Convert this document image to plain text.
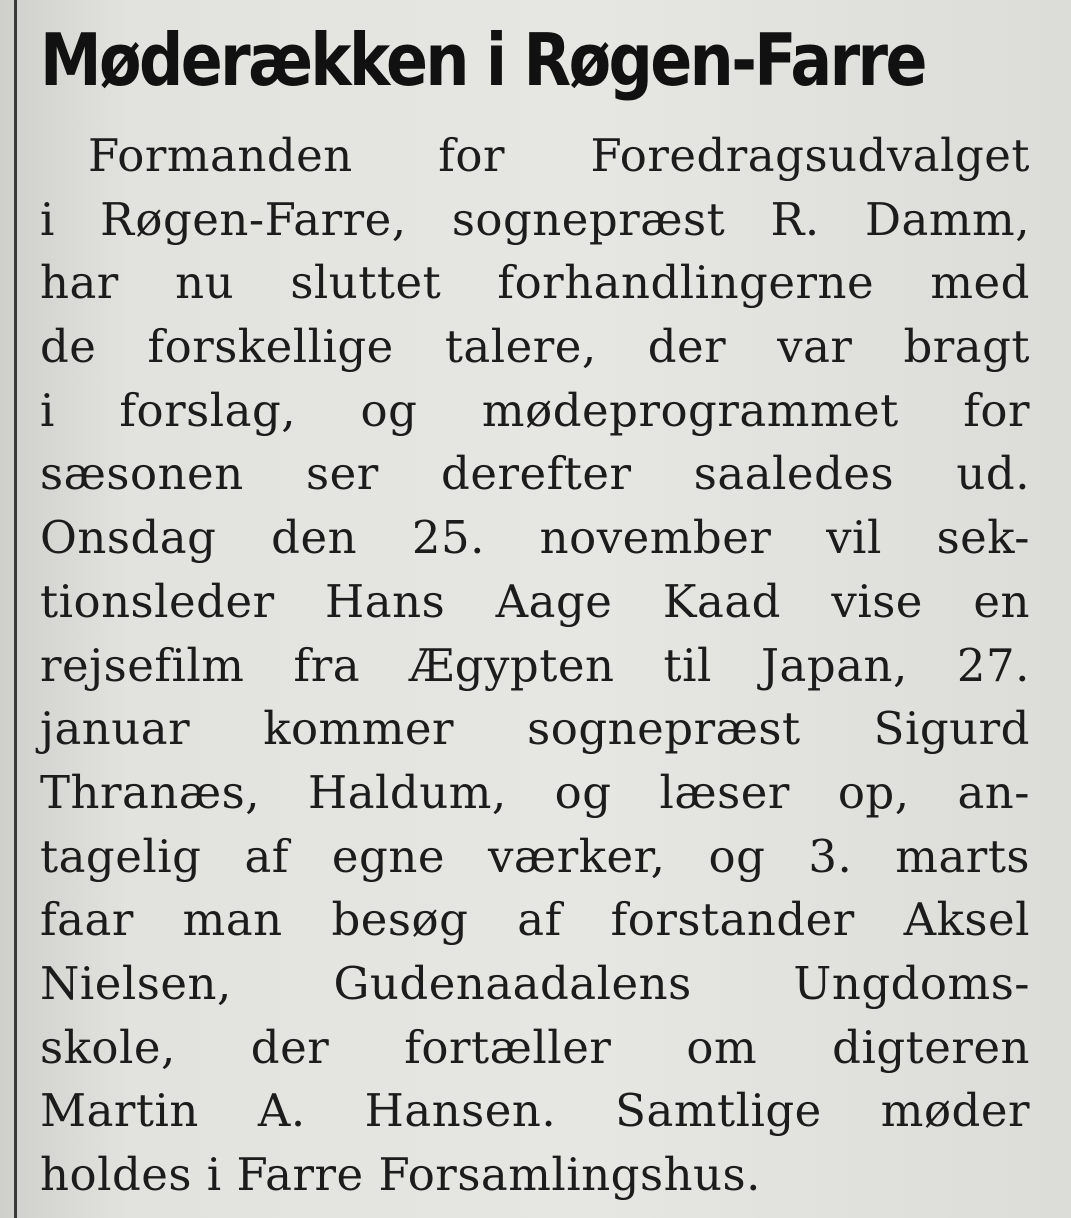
Møderækken i Røgen-Farre
Formanden for Foredragsudvalget
i Røgen-Farre, sognepræst R. Damm,
har nu sluttet forhandlingerne med
de forskellige talere, der var bragt
i forslag, og mødeprogrammet for
sæsonen ser derefter saaledes ud.
Onsdag den 25. november vil sek-
tionsleder Hans Aage Kaad vise en
rejsefilm fra Ægypten til Japan, 27.
januar kommer sognepræst Sigurd
Thranæs, Haldum, og læser op, an-
tagelig af egne værker, og 3. marts
faar man besøg af forstander Aksel
Nielsen, Gudenaadalens Ungdoms-
skole, der fortæller om digteren
Martin A. Hansen. Samtlige møder
holdes i Farre Forsamlingshus.
